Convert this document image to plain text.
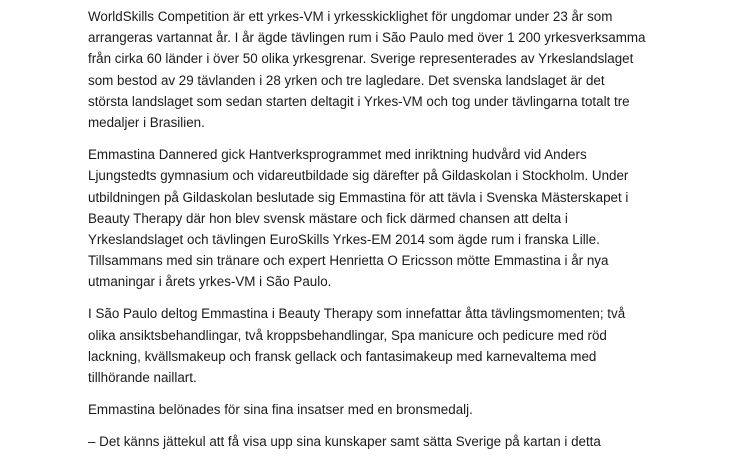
WorldSkills Competition är ett yrkes-VM i yrkesskicklighet för ungdomar under 23 år som
arrangeras vartannat år. I år ägde tävlingen rum i São Paulo med över 1 200 yrkesverksamma
från cirka 60 länder i över 50 olika yrkesgrenar. Sverige representerades av Yrkeslandslaget
som bestod av 29 tävlanden i 28 yrken och tre lagledare. Det svenska landslaget är det
största landslaget som sedan starten deltagit i Yrkes-VM och tog under tävlingarna totalt tre
medaljer i Brasilien.

Emmastina Dannered gick Hantverksprogrammet med inriktning hudvård vid Anders
Ljungstedts gymnasium och vidareutbildade sig därefter på Gildaskolan i Stockholm. Under
utbildningen på Gildaskolan beslutade sig Emmastina för att tävla i Svenska Mästerskapet i
Beauty Therapy där hon blev svensk mästare och fick därmed chansen att delta i
Yrkeslandslaget och tävlingen EuroSkills Yrkes-EM 2014 som ägde rum i franska Lille.
Tillsammans med sin tränare och expert Henrietta O Ericsson mötte Emmastina i år nya
utmaningar i årets yrkes-VM i São Paulo.

I São Paulo deltog Emmastina i Beauty Therapy som innefattar åtta tävlingsmomenten; två
olika ansiktsbehandlingar, två kroppsbehandlingar, Spa manicure och pedicure med röd
lackning, kvällsmakeup och fransk gellack och fantasimakeup med karnevaltema med
tillhörande naillart.

Emmastina belönades för sina fina insatser med en bronsmedalj.

– Det känns jättekul att få visa upp sina kunskaper samt sätta Sverige på kartan i detta
